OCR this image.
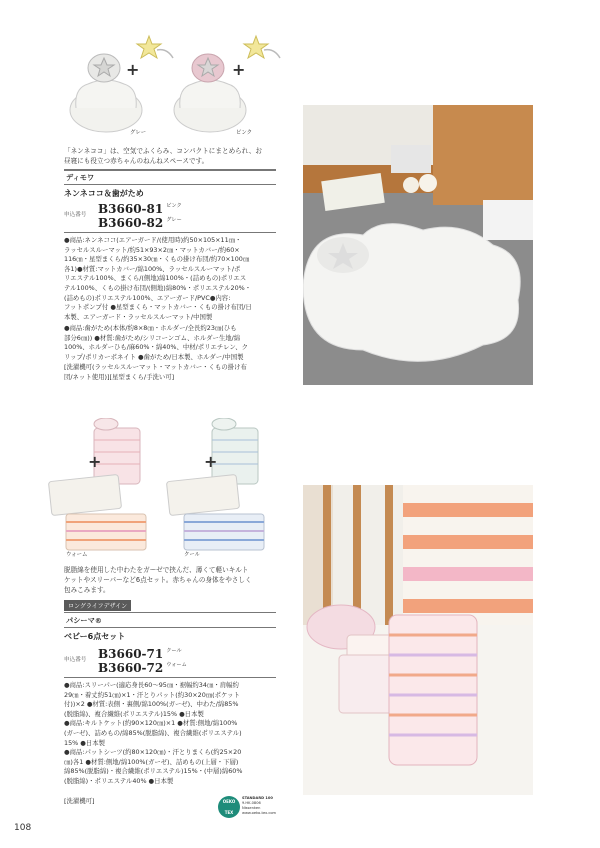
+	+
グレー	ピンク
「ネンネココ」は、空気でふくらみ、コンパクトにまとめられ、お
昼寝にも役立つ赤ちゃんのねんねスペースです。
ディモワ
ネンネココ＆歯がため
申込番号 B3660-81 ピンク
B3660-82 グレー
●商品:ネンネココ(エアーガード/(使用時)約50×105×11㎝・
ラッセルスルーマット/約51×93×2㎝・マットカバー/約60×
116㎝・星型まくら/約35×30㎝・くもの掛け布団/約70×100㎝
各1)●材質:マットカバー/綿100%、ラッセルスルーマット/ポ
リエステル100%、まくら/(側地)綿100%・(詰めもの)ポリエス
テル100%、くもの掛け布団/(側地)綿80%・ポリエステル20%・
(詰めもの)ポリエステル100%、エアーガード/PVC●内容:
フットポンプ付 ●星型まくら・マットカバー・くもの掛け布団/日
本製、エアーガード・ラッセルスルーマット/中国製
●商品:歯がため(本体/約8×8㎝・ホルダー/全長約23㎝(ひも
部分6㎝)) ●材質:歯がため/シリコーンゴム、ホルダー生地/綿
100%、ホルダーひも/麻60%・綿40%、中材/ポリエチレン、ク
リップ/ポリカーボネイト ●歯がため/日本製、ホルダー/中国製
[洗濯機可(ラッセルスルーマット・マットカバー・くもの掛け布
団/ネット使用)][星型まくら/手洗い可]
+	+
ウォーム	クール
脱脂綿を使用した中わたをガーゼで挟んだ、薄くて軽いキルト
ケットやスリーパーなど6点セット。赤ちゃんの身体をやさしく
包みこみます。
ロングライフデザイン
パシーマ®
ベビー6点セット
申込番号 B3660-71 クール
B3660-72 ウォーム
●商品:スリーパー(適応身長60～95㎝・裾幅約34㎝・肩幅約
29㎝・着丈約51㎝)×1・汗とりパット(約30×20㎝(ポケット
付))×2 ●材質:表側・裏側/綿100%(ガーゼ)、中わた/綿85%
(脱脂綿)、複合繊維(ポリエステル)15% ●日本製
●商品:キルトケット(約90×120㎝)×1 ●材質:側地/綿100%
(ガーゼ)、詰めもの/綿85%(脱脂綿)、複合繊維(ポリエステル)
15% ●日本製
●商品:パットシーツ(約80×120㎝)・汗とりまくら(約25×20
㎝)各1 ●材質:側地/綿100%(ガーゼ)、詰めもの(上層・下層)
綿85%(脱脂綿)・複合繊維(ポリエステル)15%・(中層)綿60%
(脱脂綿)・ポリエステル40% ●日本製
[洗濯機可]	OEKO TEX
STANDARD 100
9.HK.0806
Nissenken
www.oeko-tex.com
108
